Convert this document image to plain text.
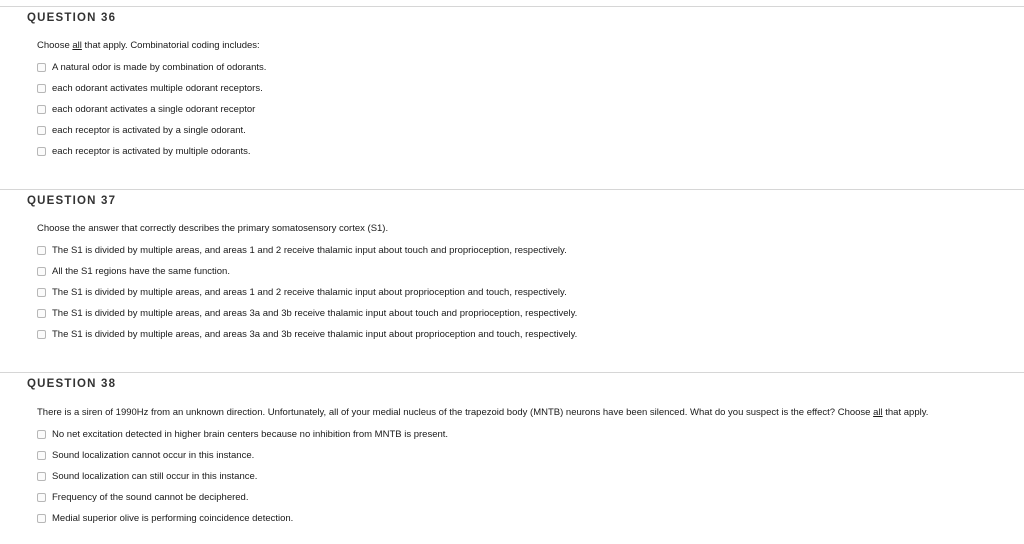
QUESTION 36
Choose all that apply. Combinatorial coding includes:
A natural odor is made by combination of odorants.
each odorant activates multiple odorant receptors.
each odorant activates a single odorant receptor
each receptor is activated by a single odorant.
each receptor is activated by multiple odorants.
QUESTION 37
Choose the answer that correctly describes the primary somatosensory cortex (S1).
The S1 is divided by multiple areas, and areas 1 and 2 receive thalamic input about touch and proprioception, respectively.
All the S1 regions have the same function.
The S1 is divided by multiple areas, and areas 1 and 2 receive thalamic input about proprioception and touch, respectively.
The S1 is divided by multiple areas, and areas 3a and 3b receive thalamic input about touch and proprioception, respectively.
The S1 is divided by multiple areas, and areas 3a and 3b receive thalamic input about proprioception and touch, respectively.
QUESTION 38
There is a siren of 1990Hz from an unknown direction. Unfortunately, all of your medial nucleus of the trapezoid body (MNTB) neurons have been silenced. What do you suspect is the effect? Choose all that apply.
No net excitation detected in higher brain centers because no inhibition from MNTB is present.
Sound localization cannot occur in this instance.
Sound localization can still occur in this instance.
Frequency of the sound cannot be deciphered.
Medial superior olive is performing coincidence detection.
